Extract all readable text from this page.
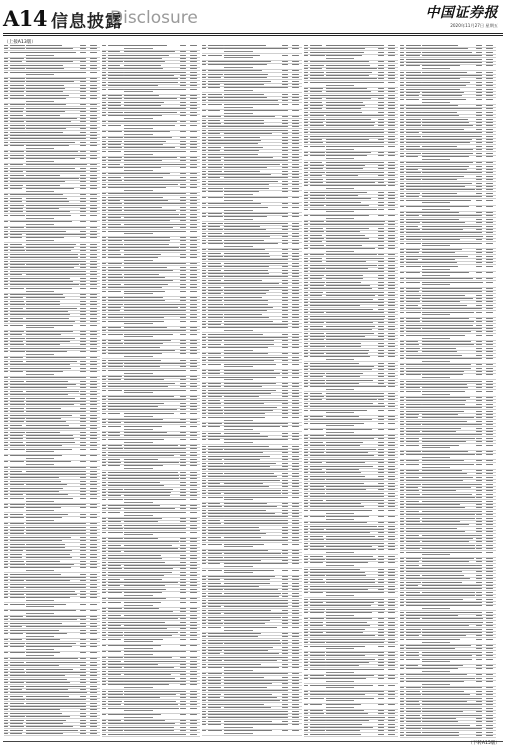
A14 信息披露
Disclosure	中国证券报
2020年11月27日 星期五
（上接A13版）
（下转A15版）
